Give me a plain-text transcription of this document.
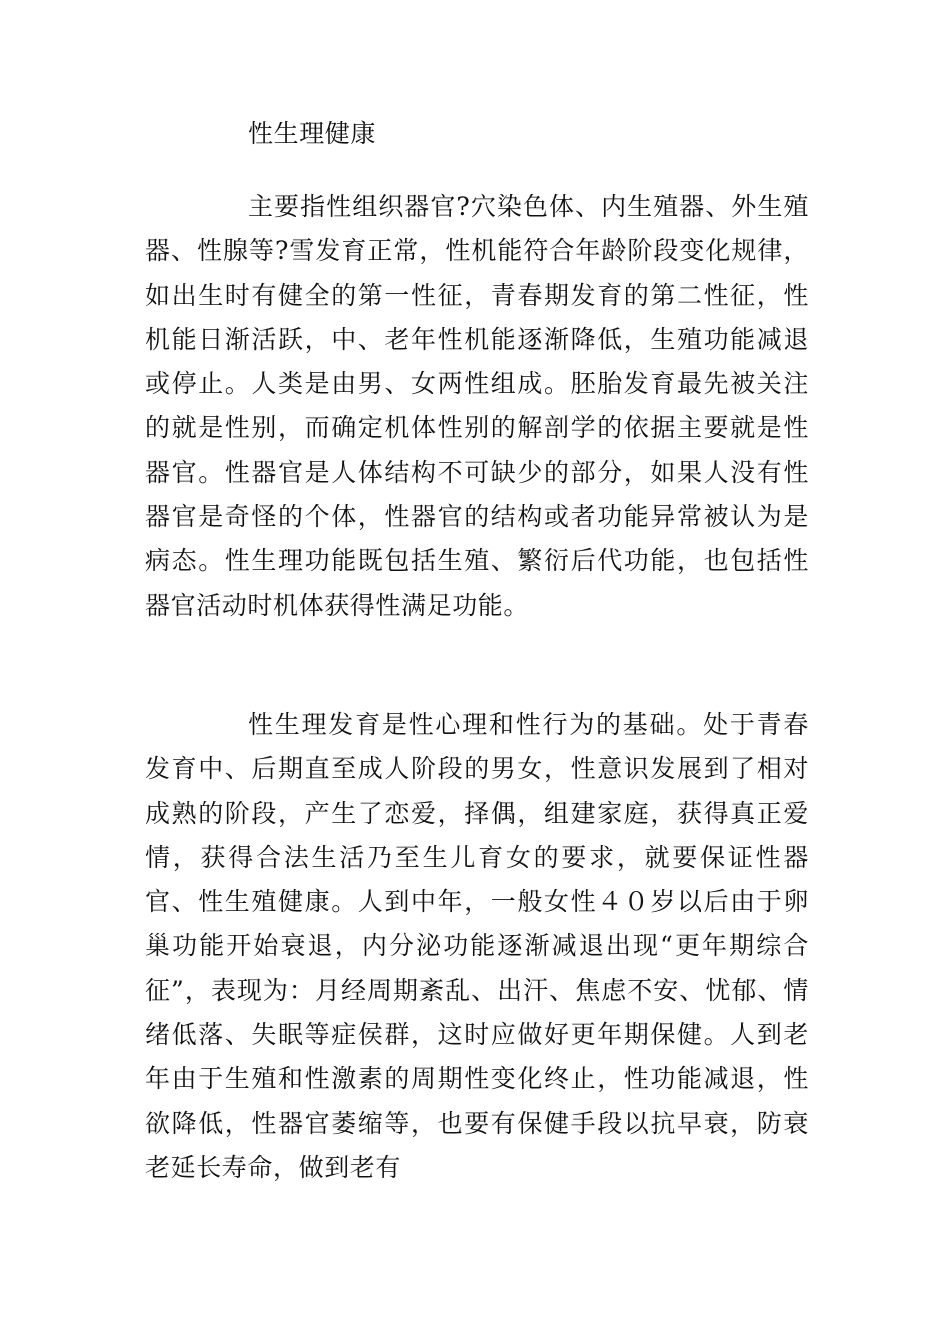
性生理健康

主要指性组织器官?穴染色体、内生殖器、外生殖器、性腺等?雪发育正常，性机能符合年龄阶段变化规律，如出生时有健全的第一性征，青春期发育的第二性征，性机能日渐活跃，中、老年性机能逐渐降低，生殖功能减退或停止。人类是由男、女两性组成。胚胎发育最先被关注的就是性别，而确定机体性别的解剖学的依据主要就是性器官。性器官是人体结构不可缺少的部分，如果人没有性器官是奇怪的个体，性器官的结构或者功能异常被认为是病态。性生理功能既包括生殖、繁衍后代功能，也包括性器官活动时机体获得性满足功能。

性生理发育是性心理和性行为的基础。处于青春发育中、后期直至成人阶段的男女，性意识发展到了相对成熟的阶段，产生了恋爱，择偶，组建家庭，获得真正爱情，获得合法生活乃至生儿育女的要求，就要保证性器官、性生殖健康。人到中年，一般女性４０岁以后由于卵巢功能开始衰退，内分泌功能逐渐减退出现“更年期综合征”，表现为：月经周期紊乱、出汗、焦虑不安、忧郁、情绪低落、失眠等症侯群，这时应做好更年期保健。人到老年由于生殖和性激素的周期性变化终止，性功能减退，性欲降低，性器官萎缩等，也要有保健手段以抗早衰，防衰老延长寿命，做到老有
